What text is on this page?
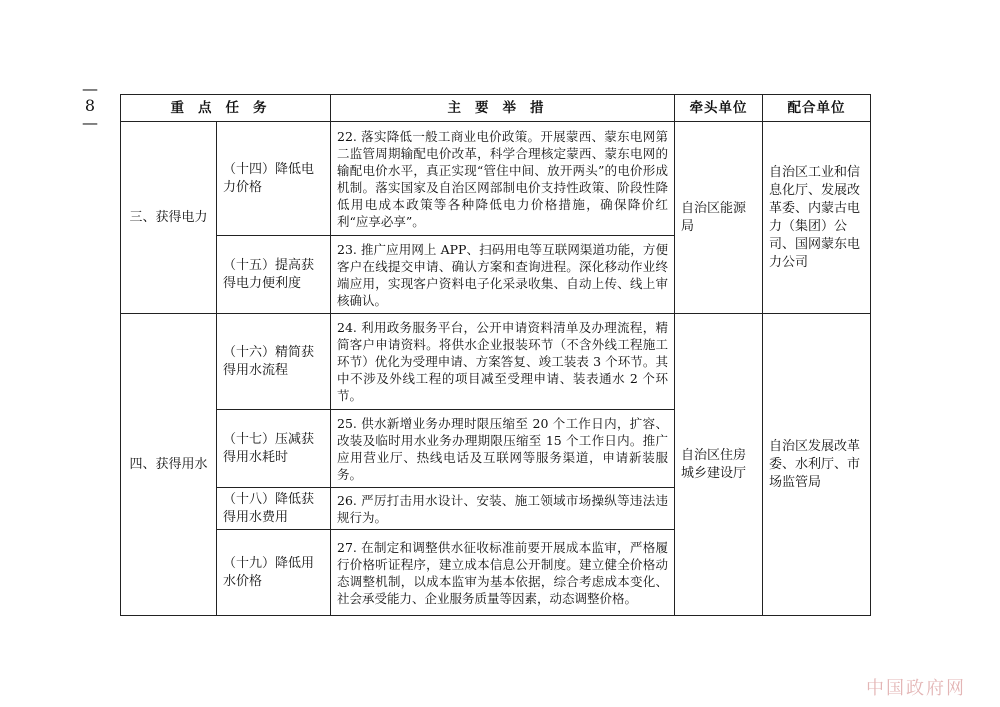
— 8 —
重点任务		主要举措	牵头单位	配合单位
三、获得电力	（十四）降低电力价格	22. 落实降低一般工商业电价政策。开展蒙西、蒙东电网第二监管周期输配电价改革，科学合理核定蒙西、蒙东电网的输配电价水平，真正实现“管住中间、放开两头”的电价形成机制。落实国家及自治区网部制电价支持性政策、阶段性降低用电成本政策等各种降低电力价格措施，确保降价红利“应享必享”。	自治区能源局	自治区工业和信息化厅、发展改革委、内蒙古电力（集团）公司、国网蒙东电力公司
	（十五）提高获得电力便利度	23. 推广应用网上 APP、扫码用电等互联网渠道功能，方便客户在线提交申请、确认方案和查询进程。深化移动作业终端应用，实现客户资料电子化采录收集、自动上传、线上审核确认。		
四、获得用水	（十六）精简获得用水流程	24. 利用政务服务平台，公开申请资料清单及办理流程，精简客户申请资料。将供水企业报装环节（不含外线工程施工环节）优化为受理申请、方案答复、竣工装表 3 个环节。其中不涉及外线工程的项目减至受理申请、装表通水 2 个环节。	自治区住房城乡建设厅	自治区发展改革委、水利厅、市场监管局
	（十七）压减获得用水耗时	25. 供水新增业务办理时限压缩至 20 个工作日内，扩容、改装及临时用水业务办理期限压缩至 15 个工作日内。推广应用营业厅、热线电话及互联网等服务渠道，申请新装服务。		
	（十八）降低获得用水费用	26. 严厉打击用水设计、安装、施工领域市场操纵等违法违规行为。		
	（十九）降低用水价格	27. 在制定和调整供水征收标准前要开展成本监审，严格履行价格听证程序，建立成本信息公开制度。建立健全价格动态调整机制，以成本监审为基本依据，综合考虑成本变化、社会承受能力、企业服务质量等因素，动态调整价格。		
中国政府网
